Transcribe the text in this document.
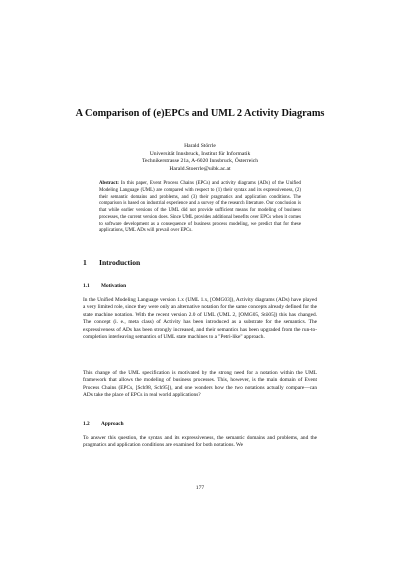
A Comparison of (e)EPCs and UML 2 Activity Diagrams
Harald Störrle
Universität Innsbruck, Institut für Informatik
Technikerstrasse 21a, A-6020 Innsbruck, Österreich
Harald.Stoerrle@uibk.ac.at
Abstract: In this paper, Event Process Chains (EPCs) and activity diagrams (ADs) of the Unified Modeling Language (UML) are compared with respect to (1) their syntax and its expressiveness, (2) their semantic domains and problems, and (3) their pragmatics and application conditions. The comparison is based on industrial experience and a survey of the research literature. Our conclusion is that while earlier versions of the UML did not provide sufficient means for modeling of business processes, the current version does. Since UML provides additional benefits over EPCs when it comes to software development as a consequence of business process modeling, we predict that for these applications, UML ADs will prevail over EPCs.
1 Introduction
1.1 Motivation
In the Unified Modeling Language version 1.x (UML 1.x, [OMG03]), Activity diagrams (ADs) have played a very limited role, since they were only an alternative notation for the same concepts already defined for the state machine notation. With the recent version 2.0 of UML (UML 2, [OMG05, Stö05]) this has changed. The concept (i. e., meta class) of Activity has been introduced as a substrate for the semantics. The expressiveness of ADs has been strongly increased, and their semantics has been upgraded from the run-to-completion interleaving semantics of UML state machines to a "Petri-like" approach.
This change of the UML specification is motivated by the strong need for a notation within the UML framework that allows the modeling of business processes. This, however, is the main domain of Event Process Chains (EPCs, [Sch98, Sch95]), and one wonders how the two notations actually compare—can ADs take the place of EPCs in real world applications?
1.2 Approach
To answer this question, the syntax and its expressiveness, the semantic domains and problems, and the pragmatics and application conditions are examined for both notations. We
177
